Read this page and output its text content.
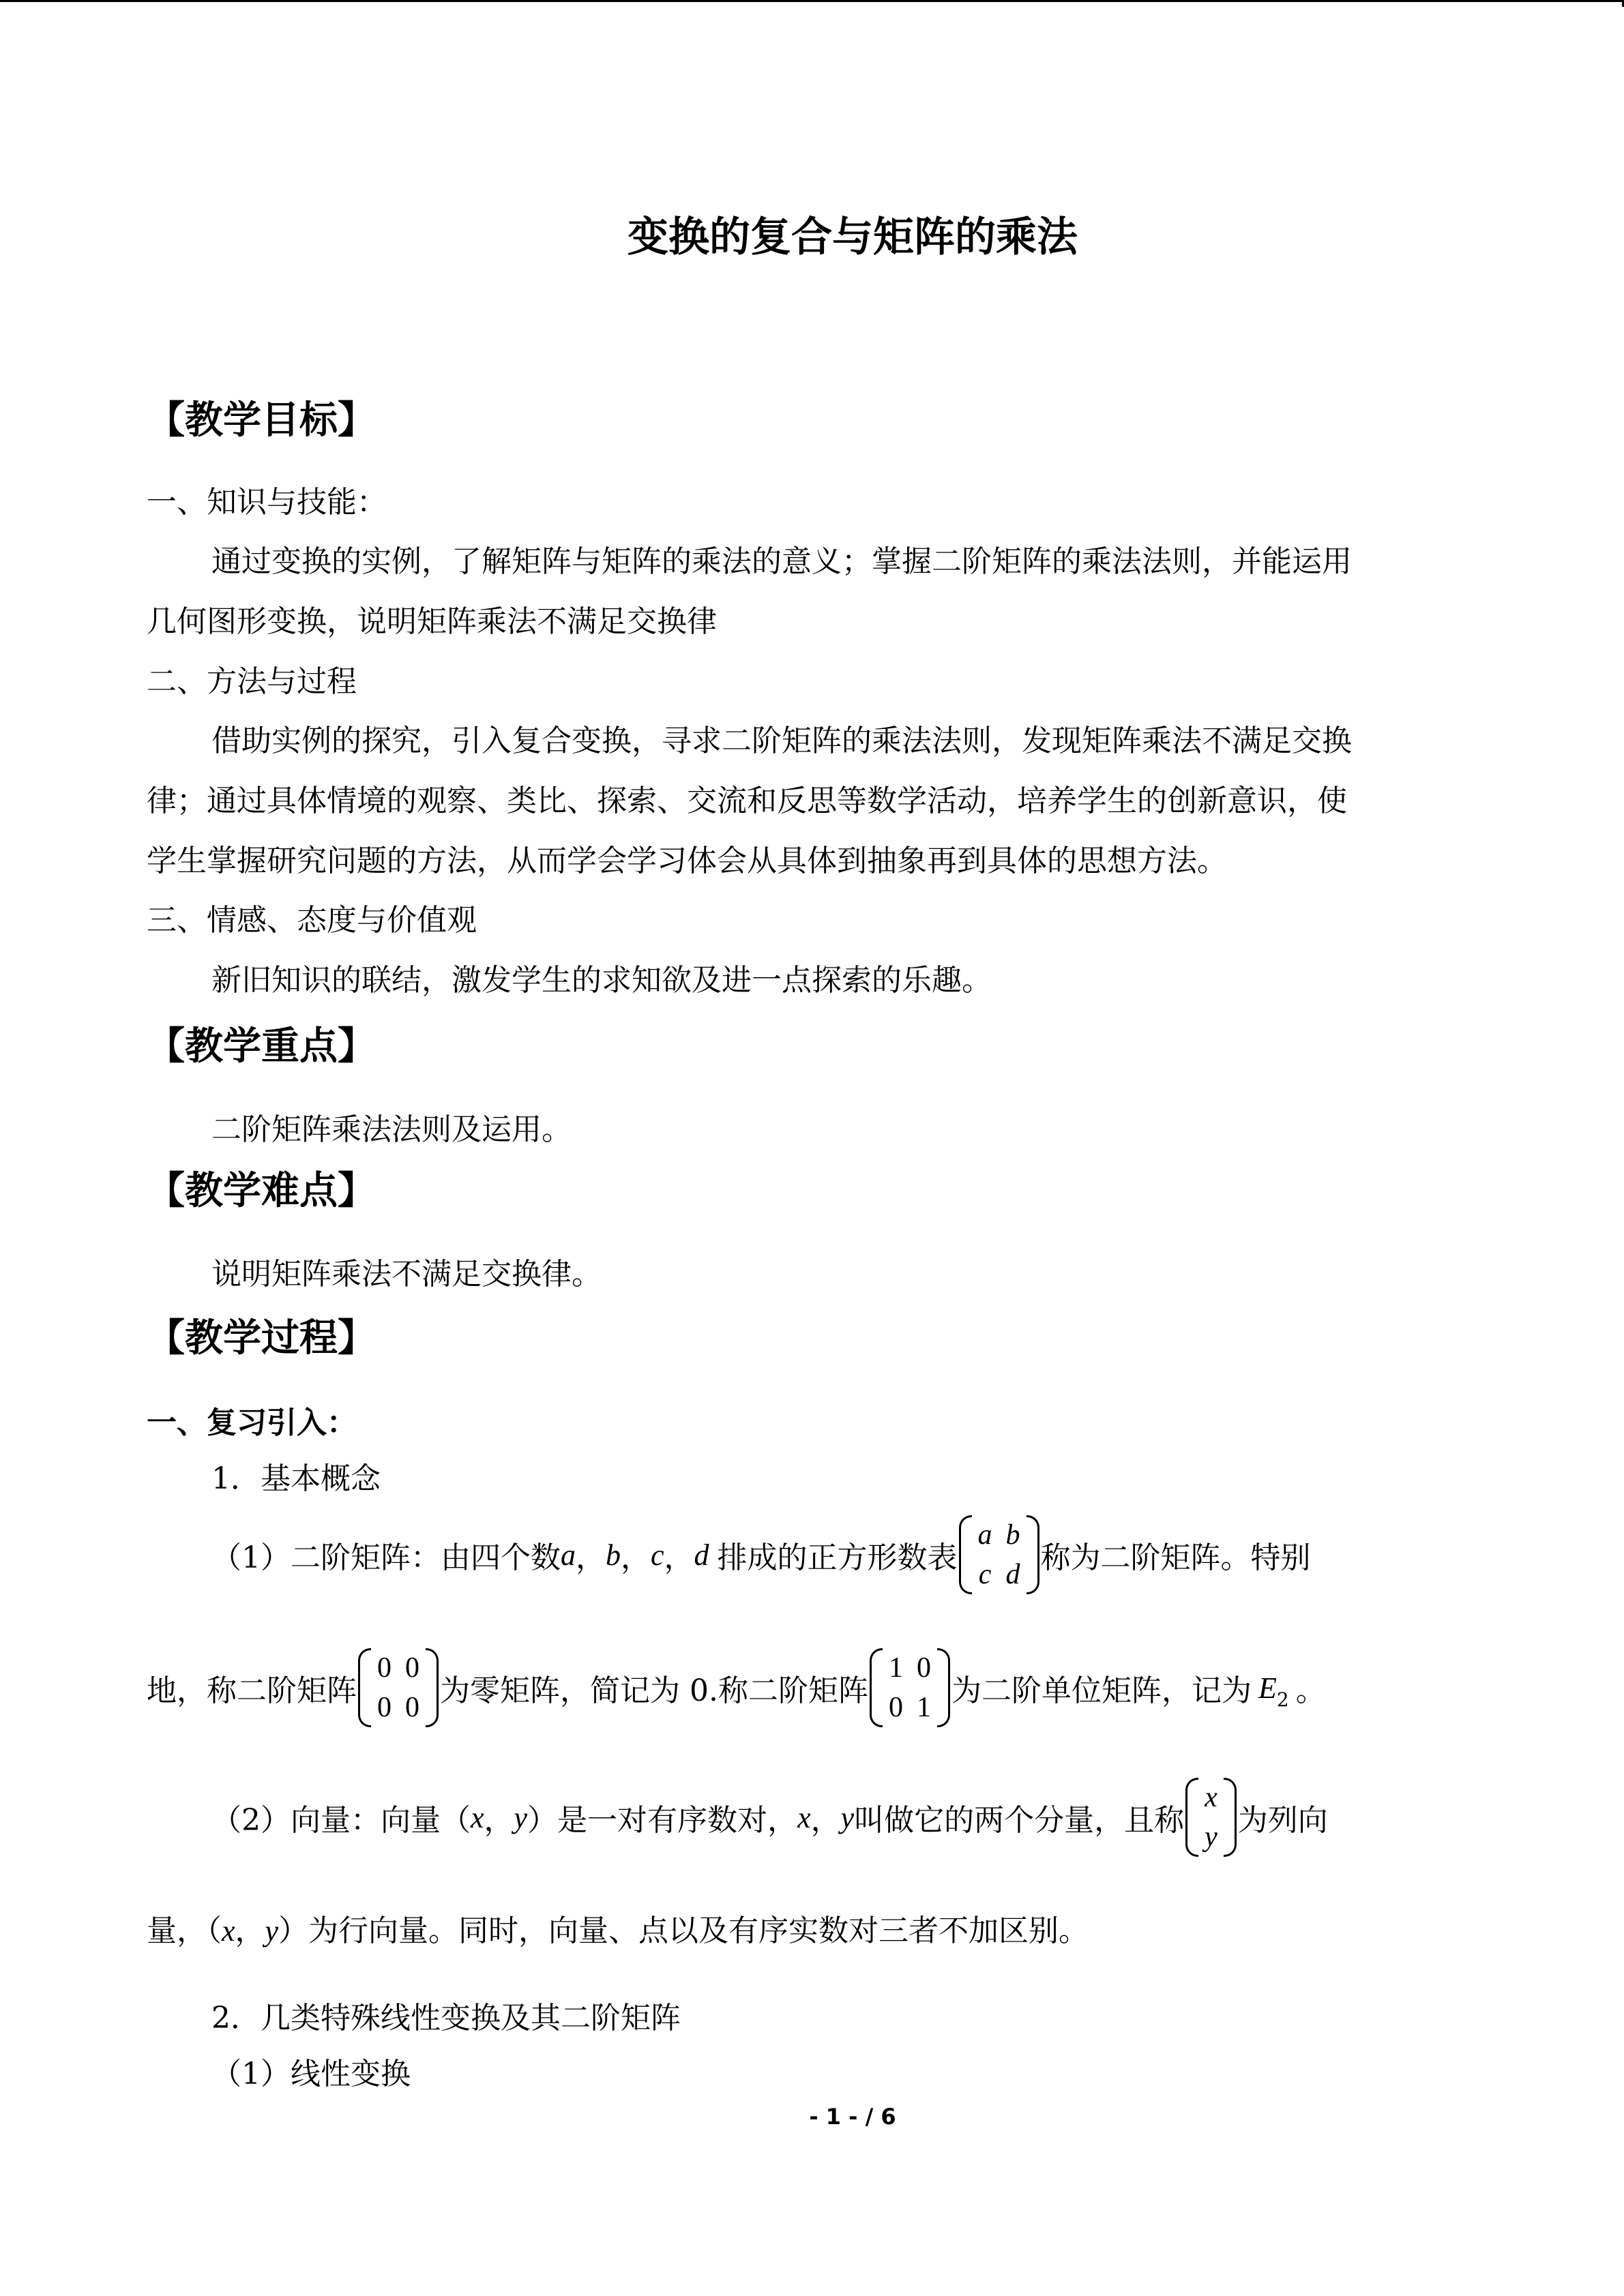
变换的复合与矩阵的乘法
【教学目标】
一、知识与技能：
通过变换的实例，了解矩阵与矩阵的乘法的意义；掌握二阶矩阵的乘法法则，并能运用
几何图形变换，说明矩阵乘法不满足交换律
二、方法与过程
借助实例的探究，引入复合变换，寻求二阶矩阵的乘法法则，发现矩阵乘法不满足交换
律；通过具体情境的观察、类比、探索、交流和反思等数学活动，培养学生的创新意识，使
学生掌握研究问题的方法，从而学会学习体会从具体到抽象再到具体的思想方法。
三、情感、态度与价值观
新旧知识的联结，激发学生的求知欲及进一点探索的乐趣。
【教学重点】
二阶矩阵乘法法则及运用。
【教学难点】
说明矩阵乘法不满足交换律。
【教学过程】
一、复习引入：
1．基本概念
（1）二阶矩阵：由四个数 a ， b ， c ， d 排成的正方形数表
a	b
c	d 称为二阶矩阵。特别
地，称二阶矩阵
0	0
0	0 为零矩阵，简记为 0.称二阶矩阵
1	0
0	1 为二阶单位矩阵，记为 E 2 。
（2）向量：向量（ x ， y ）是一对有序数对， x ， y 叫做它的两个分量，且称
x
y 为列向
量，（x，y）为行向量。同时，向量、点以及有序实数对三者不加区别。
2．几类特殊线性变换及其二阶矩阵
（1）线性变换
- 1 - / 6
